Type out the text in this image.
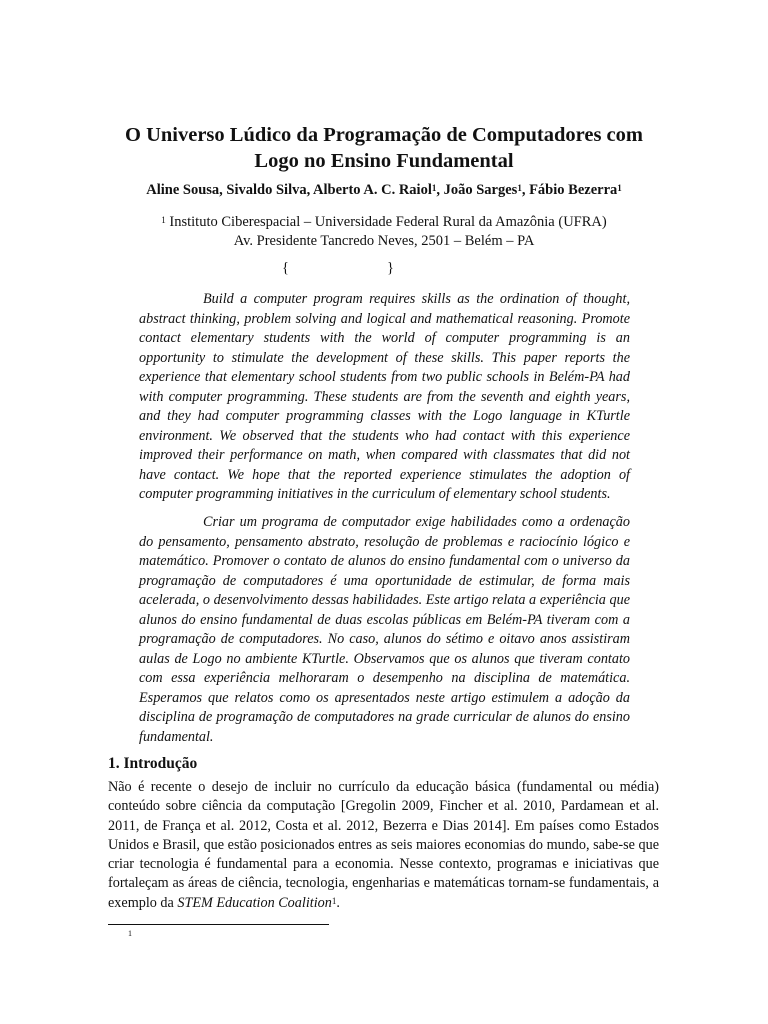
O Universo Lúdico da Programação de Computadores com
Logo no Ensino Fundamental
Aline Sousa, Sivaldo Silva, Alberto A. C. Raiol$^1$, João Sarges$^1$, Fábio Bezerra$^1$
$^1$ Instituto Ciberespacial – Universidade Federal Rural da Amazônia (UFRA)
Av. Presidente Tancredo Neves, 2501 – Belém – PA
{	}

Build a computer program requires skills as the ordination of thought, abstract thinking, problem solving and logical and mathematical reasoning. Promote contact elementary students with the world of computer programming is an opportunity to stimulate the development of these skills. This paper reports the experience that elementary school students from two public schools in Belém-PA had with computer programming. These students are from the seventh and eighth years, and they had computer programming classes with the Logo language in KTurtle environment. We observed that the students who had contact with this experience improved their performance on math, when compared with classmates that did not have contact. We hope that the reported experience stimulates the adoption of computer programming initiatives in the curriculum of elementary school students.

Criar um programa de computador exige habilidades como a ordenação do pensamento, pensamento abstrato, resolução de problemas e raciocínio lógico e matemático. Promover o contato de alunos do ensino fundamental com o universo da programação de computadores é uma oportunidade de estimular, de forma mais acelerada, o desenvolvimento dessas habilidades. Este artigo relata a experiência que alunos do ensino fundamental de duas escolas públicas em Belém-PA tiveram com a programação de computadores. No caso, alunos do sétimo e oitavo anos assistiram aulas de Logo no ambiente KTurtle. Observamos que os alunos que tiveram contato com essa experiência melhoraram o desempenho na disciplina de matemática. Esperamos que relatos como os apresentados neste artigo estimulem a adoção da disciplina de programação de computadores na grade curricular de alunos do ensino fundamental.

1. Introdução

Não é recente o desejo de incluir no currículo da educação básica (fundamental ou média) conteúdo sobre ciência da computação [Gregolin 2009, Fincher et al. 2010, Pardamean et al. 2011, de França et al. 2012, Costa et al. 2012, Bezerra e Dias 2014]. Em países como Estados Unidos e Brasil, que estão posicionados entres as seis maiores economias do mundo, sabe-se que criar tecnologia é fundamental para a economia. Nesse contexto, programas e iniciativas que fortaleçam as áreas de ciência, tecnologia, engenharias e matemáticas tornam-se fundamentais, a exemplo da STEM Education Coalition$^1$.

1
